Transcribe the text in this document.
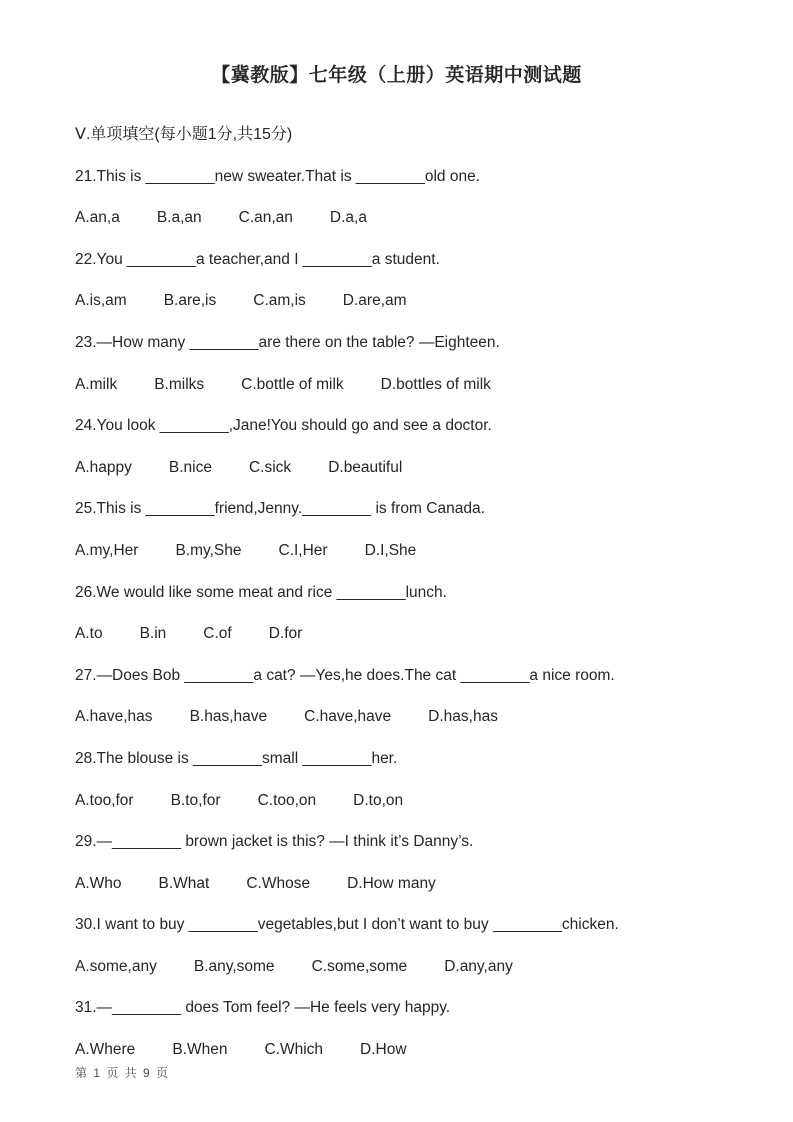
【冀教版】七年级（上册）英语期中测试题

Ⅴ.单项填空(每小题1分,共15分)

21.This is ________new sweater.That is ________old one.

A.an,a B.a,an C.an,an D.a,a

22.You ________a teacher,and I ________a student.

A.is,am B.are,is C.am,is D.are,am

23.—How many ________are there on the table? —Eighteen.

A.milk B.milks C.bottle of milk D.bottles of milk

24.You look ________,Jane!You should go and see a doctor.

A.happy B.nice C.sick D.beautiful

25.This is ________friend,Jenny.________ is from Canada.

A.my,Her B.my,She C.I,Her D.I,She

26.We would like some meat and rice ________lunch.

A.to B.in C.of D.for

27.—Does Bob ________a cat? —Yes,he does.The cat ________a nice room.

A.have,has B.has,have C.have,have D.has,has

28.The blouse is ________small ________her.

A.too,for B.to,for C.too,on D.to,on

29.—________ brown jacket is this? —I think it’s Danny’s.

A.Who B.What C.Whose D.How many

30.I want to buy ________vegetables,but I don’t want to buy ________chicken.

A.some,any B.any,some C.some,some D.any,any

31.—________ does Tom feel? —He feels very happy.

A.Where B.When C.Which D.How

第 1 页 共 9 页
